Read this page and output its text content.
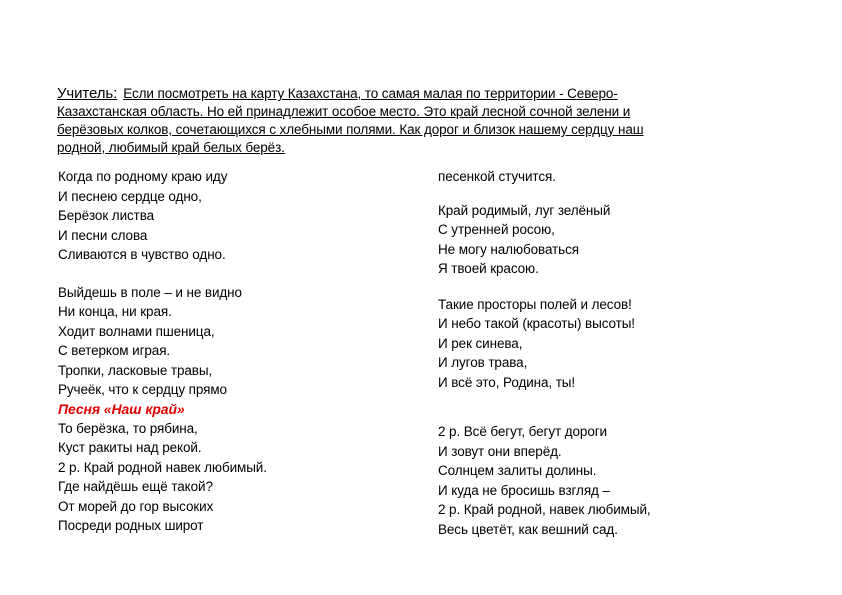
Учитель: Если посмотреть на карту Казахстана, то самая малая по территории - Северо-
Казахстанская область. Но ей принадлежит особое место. Это край лесной сочной зелени и
берёзовых колков, сочетающихся с хлебными полями. Как дорог и близок нашему сердцу наш
родной, любимый край белых берёз.
Когда по родному краю иду
И песнею сердце одно,
Берёзок листва
И песни слова
Сливаются в чувство одно.
Выйдешь в поле – и не видно
Ни конца, ни края.
Ходит волнами пшеница,
С ветерком играя.
Тропки, ласковые травы,
Ручеёк, что к сердцу прямо
Песня «Наш край»
То берёзка, то рябина,
Куст ракиты над рекой.
2 р. Край родной навек любимый.
Где найдёшь ещё такой?
От морей до гор высоких
Посреди родных широт
песенкой стучится.
Край родимый, луг зелёный
С утренней росою,
Не могу налюбоваться
Я твоей красою.
Такие просторы полей и лесов!
И небо такой (красоты) высоты!
И рек синева,
И лугов трава,
И всё это, Родина, ты!
2 р. Всё бегут, бегут дороги
И зовут они вперёд.
Солнцем залиты долины.
И куда не бросишь взгляд –
2 р. Край родной, навек любимый,
Весь цветёт, как вешний сад.
